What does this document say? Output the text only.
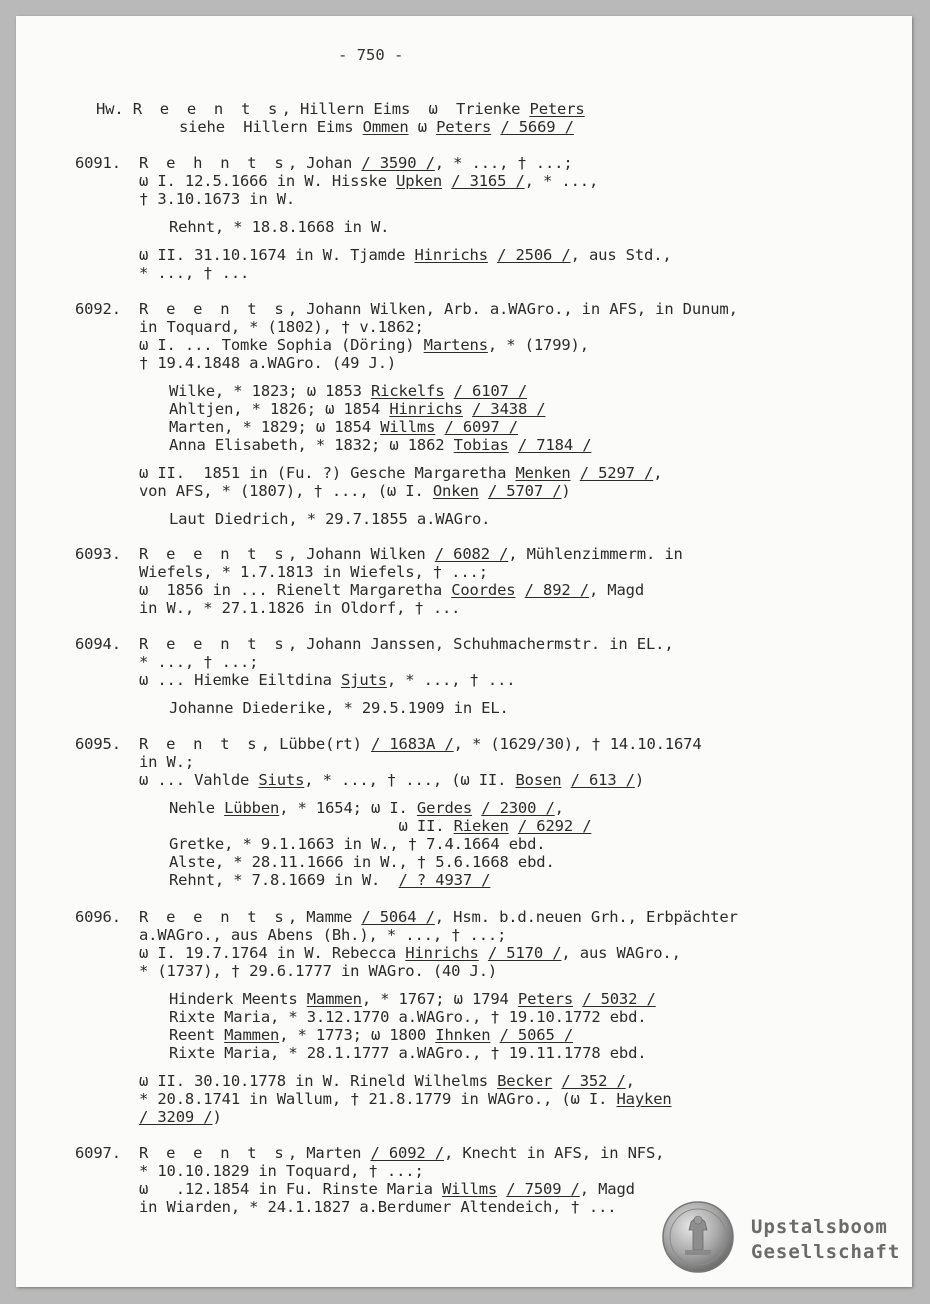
- 750 -
Hw. R e e n t s, Hillern Eims  ω  Trienke Peters
siehe  Hillern Eims Ommen ω Peters / 5669 /
6091. R e h n t s, Johan / 3590 /, * ..., † ...;
ω I. 12.5.1666 in W. Hisske Upken / 3165 /, * ...,
† 3.10.1673 in W.
Rehnt, * 18.8.1668 in W.
ω II. 31.10.1674 in W. Tjamde Hinrichs / 2506 /, aus Std.,
* ..., † ...
6092. R e e n t s, Johann Wilken, Arb. a.WAGro., in AFS, in Dunum,
in Toquard, * (1802), † v.1862;
ω I. ... Tomke Sophia (Döring) Martens, * (1799),
† 19.4.1848 a.WAGro. (49 J.)
Wilke, * 1823; ω 1853 Rickelfs / 6107 /
Ahltjen, * 1826; ω 1854 Hinrichs / 3438 /
Marten, * 1829; ω 1854 Willms / 6097 /
Anna Elisabeth, * 1832; ω 1862 Tobias / 7184 /
ω II.  1851 in (Fu. ?) Gesche Margaretha Menken / 5297 /,
von AFS, * (1807), † ..., (ω I. Onken / 5707 /)
Laut Diedrich, * 29.7.1855 a.WAGro.
6093. R e e n t s, Johann Wilken / 6082 /, Mühlenzimmerm. in
Wiefels, * 1.7.1813 in Wiefels, † ...;
ω  1856 in ... Rienelt Margaretha Coordes / 892 /, Magd
in W., * 27.1.1826 in Oldorf, † ...
6094. R e e n t s, Johann Janssen, Schuhmachermstr. in EL.,
* ..., † ...;
ω ... Hiemke Eiltdina Sjuts, * ..., † ...
Johanne Diederike, * 29.5.1909 in EL.
6095. R e n t s, Lübbe(rt) / 1683A /, * (1629/30), † 14.10.1674
in W.;
ω ... Vahlde Siuts, * ..., † ..., (ω II. Bosen / 613 /)
Nehle Lübben, * 1654; ω I. Gerdes / 2300 /,
ω II. Rieken / 6292 /
Gretke, * 9.1.1663 in W., † 7.4.1664 ebd.
Alste, * 28.11.1666 in W., † 5.6.1668 ebd.
Rehnt, * 7.8.1669 in W.  / ? 4937 /
6096. R e e n t s, Mamme / 5064 /, Hsm. b.d.neuen Grh., Erbpächter
a.WAGro., aus Abens (Bh.), * ..., † ...;
ω I. 19.7.1764 in W. Rebecca Hinrichs / 5170 /, aus WAGro.,
* (1737), † 29.6.1777 in WAGro. (40 J.)
Hinderk Meents Mammen, * 1767; ω 1794 Peters / 5032 /
Rixte Maria, * 3.12.1770 a.WAGro., † 19.10.1772 ebd.
Reent Mammen, * 1773; ω 1800 Ihnken / 5065 /
Rixte Maria, * 28.1.1777 a.WAGro., † 19.11.1778 ebd.
ω II. 30.10.1778 in W. Rineld Wilhelms Becker / 352 /,
* 20.8.1741 in Wallum, † 21.8.1779 in WAGro., (ω I. Hayken
/ 3209 /)
6097. R e e n t s, Marten / 6092 /, Knecht in AFS, in NFS,
* 10.10.1829 in Toquard, † ...;
ω   .12.1854 in Fu. Rinste Maria Willms / 7509 /, Magd
in Wiarden, * 24.1.1827 a.Berdumer Altendeich, † ...
Upstalsboom
Gesellschaft
